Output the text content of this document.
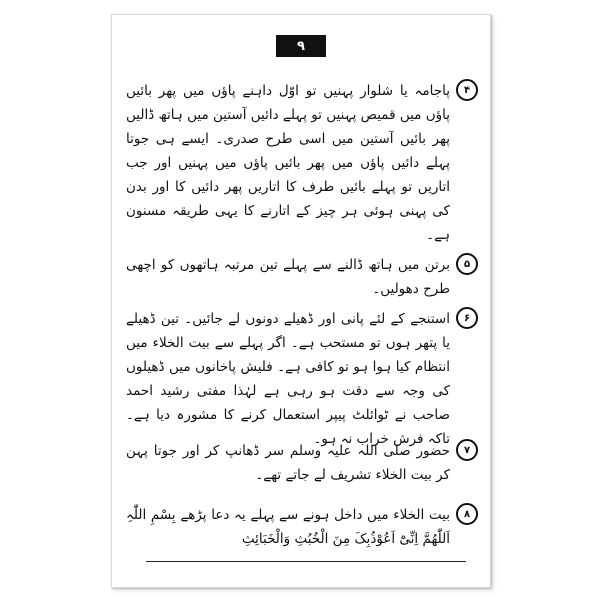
۹
۴
پاجامہ یا شلوار پہنیں تو اوّل داہنے پاؤں میں پھر بائیں پاؤں میں قمیص پہنیں تو پہلے دائیں آستین میں ہاتھ ڈالیں پھر بائیں آستین میں اسی طرح صدری۔ ایسے ہی جوتا پہلے دائیں پاؤں میں پھر بائیں پاؤں میں پہنیں اور جب اتاریں تو پہلے بائیں طرف کا اتاریں پھر دائیں کا اور بدن کی پہنی ہوئی ہر چیز کے اتارنے کا یہی طریقہ مسنون ہے۔
۵
برتن میں ہاتھ ڈالنے سے پہلے تین مرتبہ ہاتھوں کو اچھی طرح دھولیں۔
۶
استنجے کے لئے پانی اور ڈھیلے دونوں لے جائیں۔ تین ڈھیلے یا پتھر ہوں تو مستحب ہے۔ اگر پہلے سے بیت الخلاء میں انتظام کیا ہوا ہو تو کافی ہے۔ فلیش پاخانوں میں ڈھیلوں کی وجہ سے دقت ہو رہی ہے لہٰذا مفتی رشید احمد صاحب نے ٹوائلٹ پیپر استعمال کرنے کا مشورہ دیا ہے۔ تاکہ فرش خراب نہ ہو۔
۷
حضور صلی اللہ علیہ وسلم سر ڈھانپ کر اور جوتا پہن کر بیت الخلاء تشریف لے جاتے تھے۔
۸
بیت الخلاء میں داخل ہونے سے پہلے یہ دعا پڑھے بِسْمِ اللّٰہِ اَللّٰھُمَّ اِنِّیْٓ اَعُوْذُبِکَ مِنَ الْخُبُثِ وَالْخَبَائِثِ
